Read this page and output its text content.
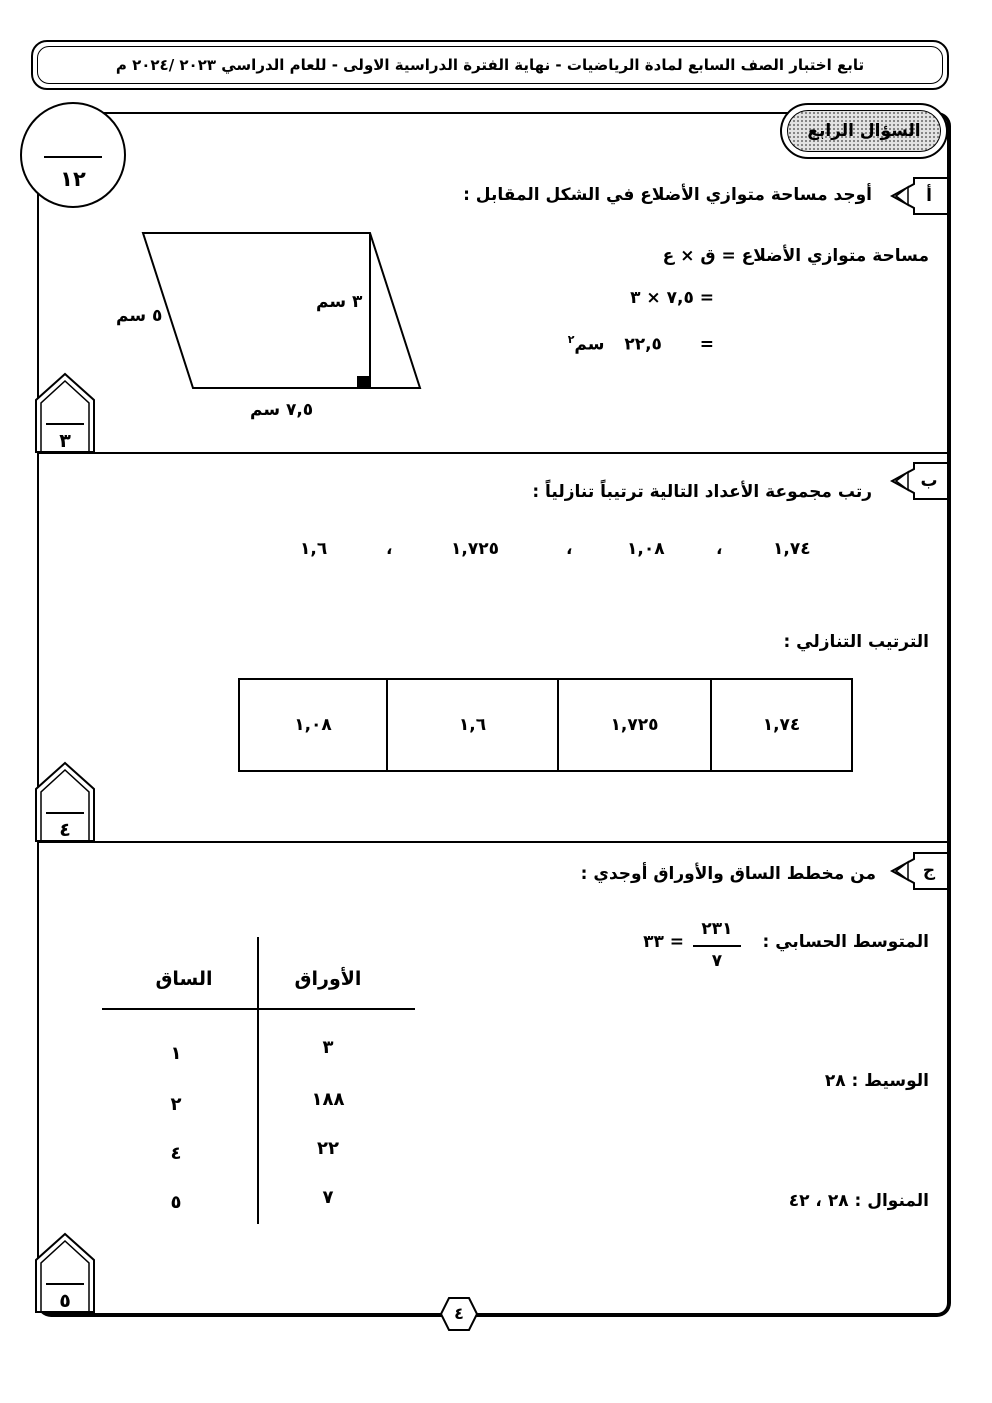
تابع اختبار الصف السابع لمادة الرياضيات - نهاية الفترة الدراسية الاولى - للعام الدراسي ٢٠٢٣ /٢٠٢٤ م
السؤال الرابع
١٢
أ
أوجد مساحة متوازي الأضلاع في الشكل المقابل :
٣ سم
٥ سم
٧,٥ سم
مساحة متوازي الأضلاع = ق × ع
= ٧,٥ × ٣
=  ٢٢,٥  سم$^٢$
٣
ب
رتب مجموعة الأعداد التالية ترتيباً تنازلياً :
١,٧٤
،
١,٠٨
،
١,٧٢٥
،
١,٦
الترتيب التنازلي :
١,٧٤
١,٧٢٥
١,٦
١,٠٨
٤
ج
من مخطط الساق والأوراق أوجدي :
المتوسط الحسابي :
٢٣١
٧
= ٣٣
الوسيط : ٢٨
المنوال : ٢٨ ، ٤٢
الساق	الأوراق
١	٣
٢	١٨٨
٤	٢٢
٥	٧
٥
٤
